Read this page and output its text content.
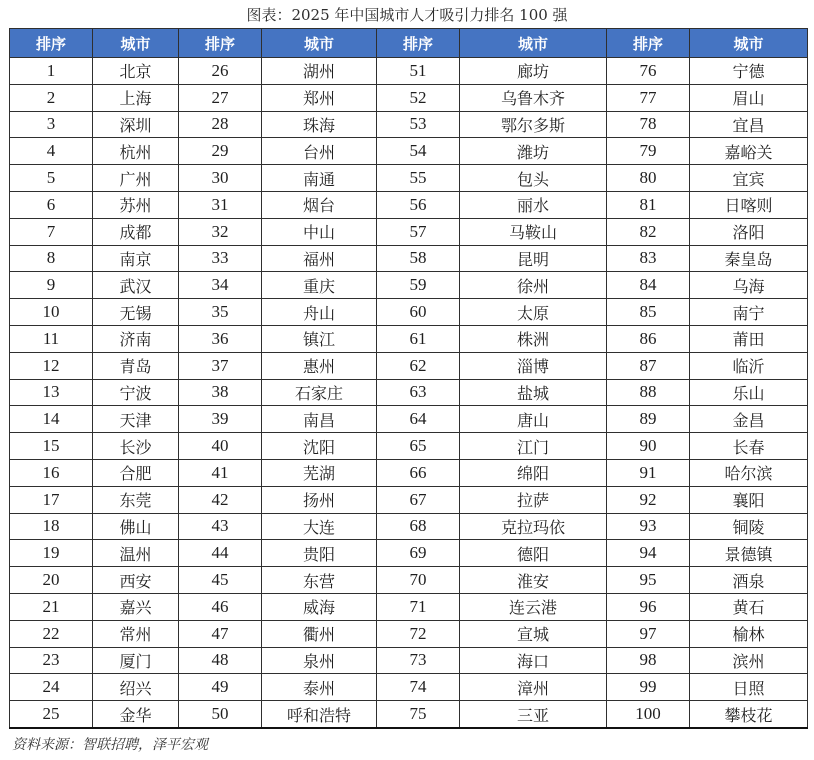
图表：2025 年中国城市人才吸引力排名 100 强
排序	城市	排序	城市	排序	城市	排序	城市
1	北京	26	湖州	51	廊坊	76	宁德
2	上海	27	郑州	52	乌鲁木齐	77	眉山
3	深圳	28	珠海	53	鄂尔多斯	78	宜昌
4	杭州	29	台州	54	潍坊	79	嘉峪关
5	广州	30	南通	55	包头	80	宜宾
6	苏州	31	烟台	56	丽水	81	日喀则
7	成都	32	中山	57	马鞍山	82	洛阳
8	南京	33	福州	58	昆明	83	秦皇岛
9	武汉	34	重庆	59	徐州	84	乌海
10	无锡	35	舟山	60	太原	85	南宁
11	济南	36	镇江	61	株洲	86	莆田
12	青岛	37	惠州	62	淄博	87	临沂
13	宁波	38	石家庄	63	盐城	88	乐山
14	天津	39	南昌	64	唐山	89	金昌
15	长沙	40	沈阳	65	江门	90	长春
16	合肥	41	芜湖	66	绵阳	91	哈尔滨
17	东莞	42	扬州	67	拉萨	92	襄阳
18	佛山	43	大连	68	克拉玛依	93	铜陵
19	温州	44	贵阳	69	德阳	94	景德镇
20	西安	45	东营	70	淮安	95	酒泉
21	嘉兴	46	威海	71	连云港	96	黄石
22	常州	47	衢州	72	宣城	97	榆林
23	厦门	48	泉州	73	海口	98	滨州
24	绍兴	49	泰州	74	漳州	99	日照
25	金华	50	呼和浩特	75	三亚	100	攀枝花
资料来源：智联招聘，泽平宏观
